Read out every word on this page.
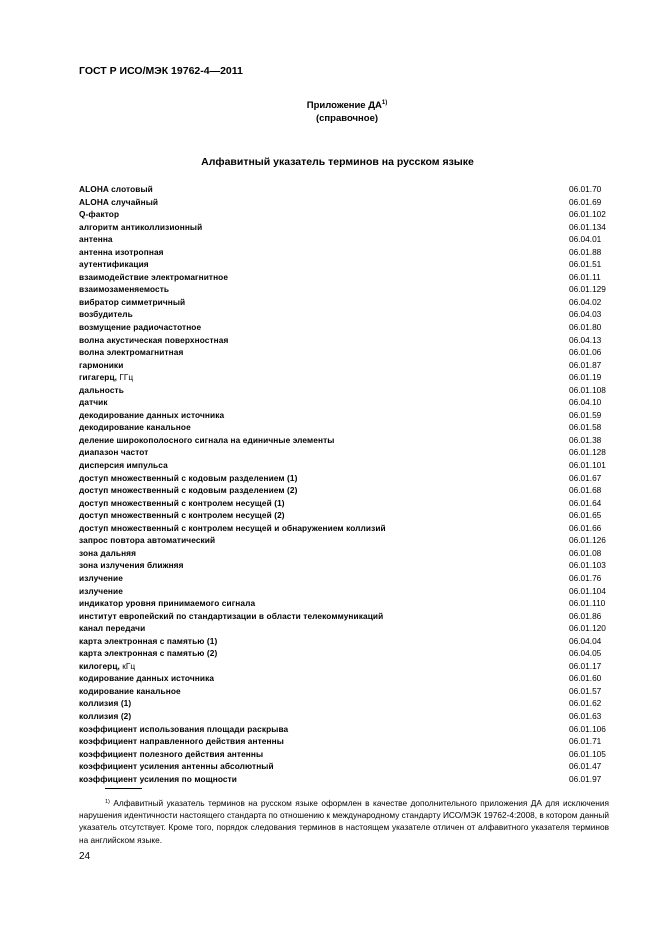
ГОСТ Р ИСО/МЭК 19762-4—2011
Приложение ДА$^{1)}$
(справочное)
Алфавитный указатель терминов на русском языке
ALOHA слотовый	06.01.70
ALOHA случайный	06.01.69
Q-фактор	06.01.102
алгоритм антиколлизионный	06.01.134
антенна	06.04.01
антенна изотропная	06.01.88
аутентификация	06.01.51
взаимодействие электромагнитное	06.01.11
взаимозаменяемость	06.01.129
вибратор симметричный	06.04.02
возбудитель	06.04.03
возмущение радиочастотное	06.01.80
волна акустическая поверхностная	06.04.13
волна электромагнитная	06.01.06
гармоники	06.01.87
гигагерц, ГГц	06.01.19
дальность	06.01.108
датчик	06.04.10
декодирование данных источника	06.01.59
декодирование канальное	06.01.58
деление широкополосного сигнала на единичные элементы	06.01.38
диапазон частот	06.01.128
дисперсия импульса	06.01.101
доступ множественный с кодовым разделением (1)	06.01.67
доступ множественный с кодовым разделением (2)	06.01.68
доступ множественный с контролем несущей (1)	06.01.64
доступ множественный с контролем несущей (2)	06.01.65
доступ множественный с контролем несущей и обнаружением коллизий	06.01.66
запрос повтора автоматический	06.01.126
зона дальняя	06.01.08
зона излучения ближняя	06.01.103
излучение	06.01.76
излучение	06.01.104
индикатор уровня принимаемого сигнала	06.01.110
институт европейский по стандартизации в области телекоммуникаций	06.01.86
канал передачи	06.01.120
карта электронная с памятью (1)	06.04.04
карта электронная с памятью (2)	06.04.05
килогерц, кГц	06.01.17
кодирование данных источника	06.01.60
кодирование канальное	06.01.57
коллизия (1)	06.01.62
коллизия (2)	06.01.63
коэффициент использования площади раскрыва	06.01.106
коэффициент направленного действия антенны	06.01.71
коэффициент полезного действия антенны	06.01.105
коэффициент усиления антенны абсолютный	06.01.47
коэффициент усиления по мощности	06.01.97
$^{1)}$ Алфавитный указатель терминов на русском языке оформлен в качестве дополнительного приложения ДА для исключения нарушения идентичности настоящего стандарта по отношению к международному стандарту ИСО/МЭК 19762-4:2008, в котором данный указатель отсутствует. Кроме того, порядок следования терминов в настоящем указателе отличен от алфавитного указателя терминов на английском языке.
24
